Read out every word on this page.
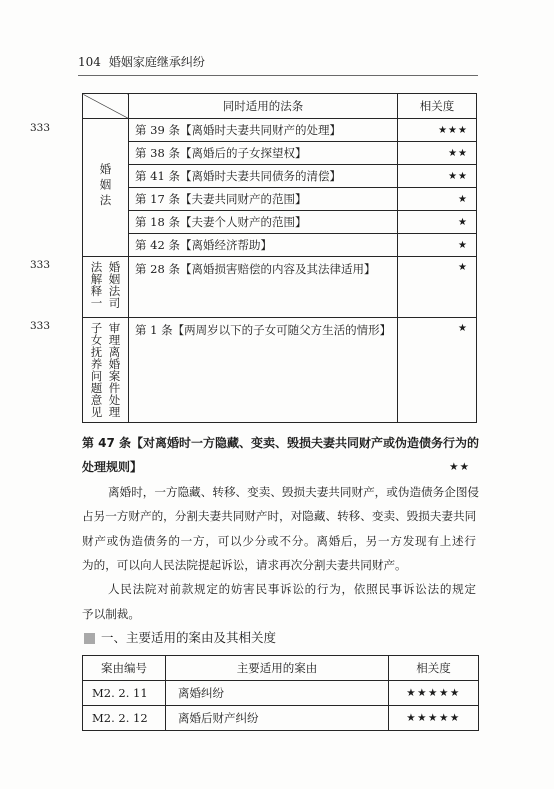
104 婚姻家庭继承纠纷
333
333
333
	同时适用的法条	相关度
婚姻法	第 39 条【离婚时夫妻共同财产的处理】	★★★
	第 38 条【离婚后的子女探望权】	★★
	第 41 条【离婚时夫妻共同债务的清偿】	★★
	第 17 条【夫妻共同财产的范围】	★
	第 18 条【夫妻个人财产的范围】	★
	第 42 条【离婚经济帮助】	★
婚姻法司法解释一	第 28 条【离婚损害赔偿的内容及其法律适用】	★
审理离婚案件处理子女抚养问题意见	第 1 条【两周岁以下的子女可随父方生活的情形】	★
第 47 条【对离婚时一方隐藏、变卖、毁损夫妻共同财产或伪造债务行为的
处理规则】	★★
离婚时，一方隐藏、转移、变卖、毁损夫妻共同财产，或伪造债务企图侵
占另一方财产的，分割夫妻共同财产时，对隐藏、转移、变卖、毁损夫妻共同
财产或伪造债务的一方，可以少分或不分。离婚后，另一方发现有上述行
为的，可以向人民法院提起诉讼，请求再次分割夫妻共同财产。
人民法院对前款规定的妨害民事诉讼的行为，依照民事诉讼法的规定
予以制裁。
一、主要适用的案由及其相关度
案由编号	主要适用的案由	相关度
M2. 2. 11	离婚纠纷	★★★★★
M2. 2. 12	离婚后财产纠纷	★★★★★
